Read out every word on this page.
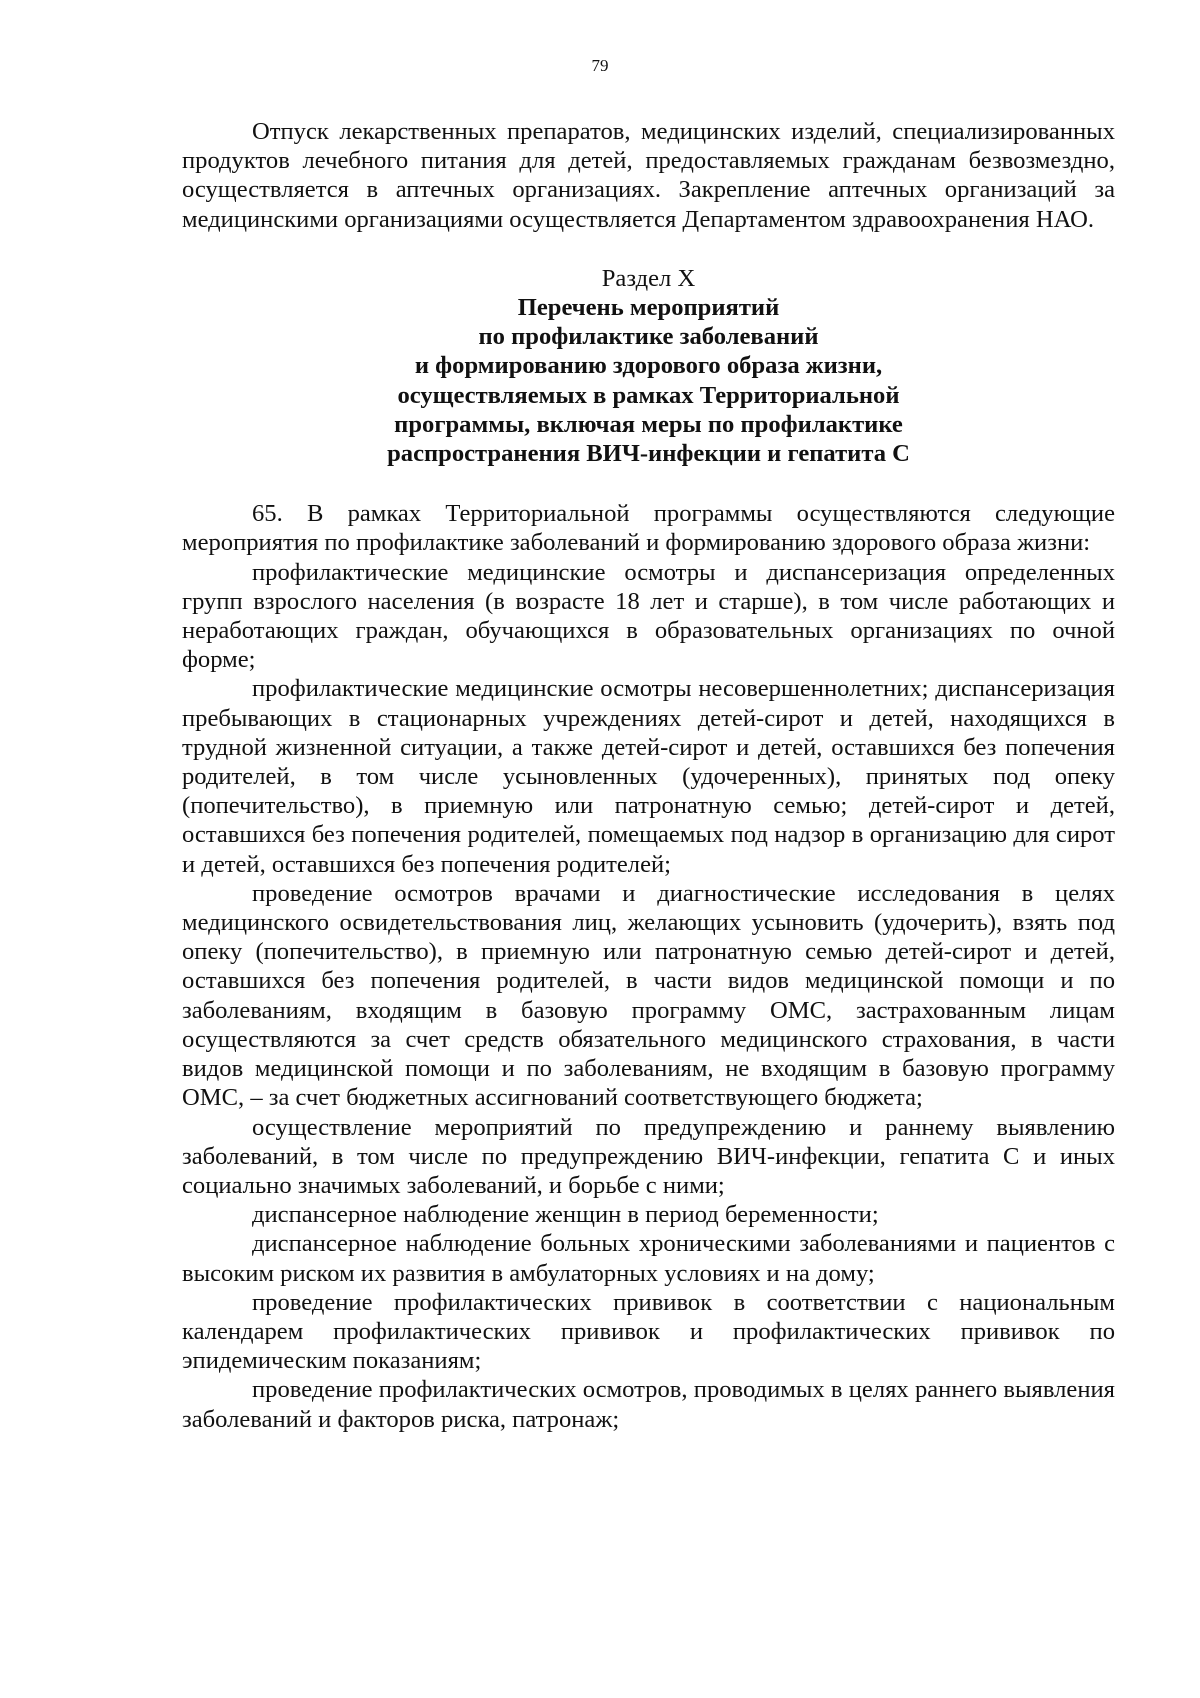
79

Отпуск лекарственных препаратов, медицинских изделий, специализированных продуктов лечебного питания для детей, предоставляемых гражданам безвозмездно, осуществляется в аптечных организациях. Закрепление аптечных организаций за медицинскими организациями осуществляется Департаментом здравоохранения НАО.

Раздел X

Перечень мероприятий
по профилактике заболеваний
и формированию здорового образа жизни,
осуществляемых в рамках Территориальной
программы, включая меры по профилактике
распространения ВИЧ-инфекции и гепатита С

65. В рамках Территориальной программы осуществляются следующие мероприятия по профилактике заболеваний и формированию здорового образа жизни:

профилактические медицинские осмотры и диспансеризация определенных групп взрослого населения (в возрасте 18 лет и старше), в том числе работающих и неработающих граждан, обучающихся в образовательных организациях по очной форме;

профилактические медицинские осмотры несовершеннолетних; диспансеризация пребывающих в стационарных учреждениях детей-сирот и детей, находящихся в трудной жизненной ситуации, а также детей-сирот и детей, оставшихся без попечения родителей, в том числе усыновленных (удочеренных), принятых под опеку (попечительство), в приемную или патронатную семью; детей-сирот и детей, оставшихся без попечения родителей, помещаемых под надзор в организацию для сирот и детей, оставшихся без попечения родителей;

проведение осмотров врачами и диагностические исследования в целях медицинского освидетельствования лиц, желающих усыновить (удочерить), взять под опеку (попечительство), в приемную или патронатную семью детей-сирот и детей, оставшихся без попечения родителей, в части видов медицинской помощи и по заболеваниям, входящим в базовую программу ОМС, застрахованным лицам осуществляются за счет средств обязательного медицинского страхования, в части видов медицинской помощи и по заболеваниям, не входящим в базовую программу ОМС, – за счет бюджетных ассигнований соответствующего бюджета;

осуществление мероприятий по предупреждению и раннему выявлению заболеваний, в том числе по предупреждению ВИЧ-инфекции, гепатита С и иных социально значимых заболеваний, и борьбе с ними;

диспансерное наблюдение женщин в период беременности;

диспансерное наблюдение больных хроническими заболеваниями и пациентов с высоким риском их развития в амбулаторных условиях и на дому;

проведение профилактических прививок в соответствии с национальным календарем профилактических прививок и профилактических прививок по эпидемическим показаниям;

проведение профилактических осмотров, проводимых в целях раннего выявления заболеваний и факторов риска, патронаж;
